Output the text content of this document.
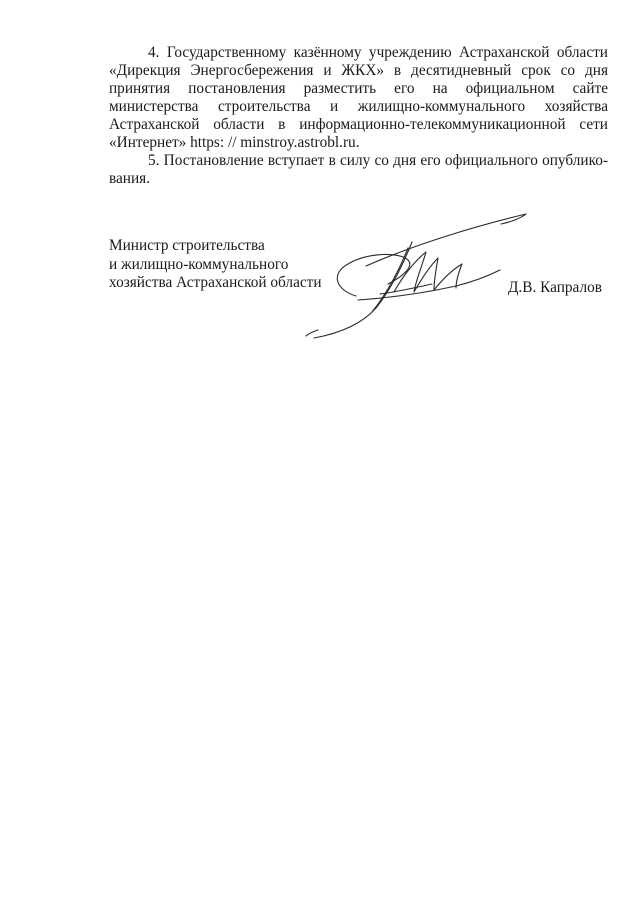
4. Государственному казённому учреждению Астраханской области «Дирекция Энергосбережения и ЖКХ» в десятидневный срок со дня принятия постановления разместить его на официальном сайте министерства строительства и жилищно-коммунального хозяйства Астраханской области в информационно-телекоммуникационной сети «Интернет» https: // minstroy.astrobl.ru.

5. Постановление вступает в силу со дня его официального опублико-вания.

Министр строительства
и жилищно-коммунального
хозяйства Астраханской области	Д.В. Капралов
